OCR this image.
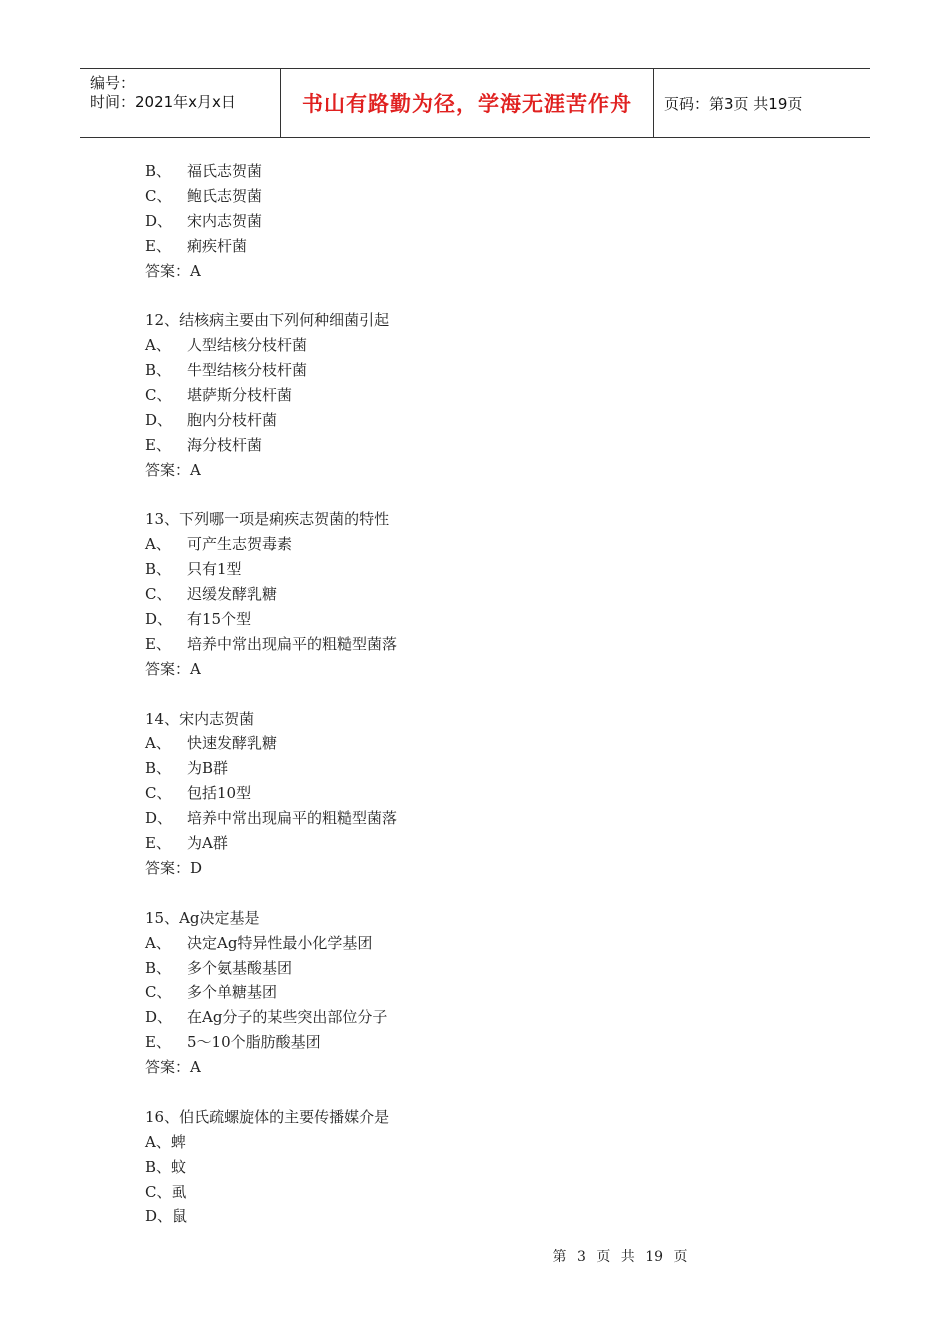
编号：
时间：2021年x月x日	书山有路勤为径，学海无涯苦作舟	页码：第3页 共19页
B、 福氏志贺菌
C、 鲍氏志贺菌
D、 宋内志贺菌
E、 痢疾杆菌
答案：A
12、结核病主要由下列何种细菌引起
A、 人型结核分枝杆菌
B、 牛型结核分枝杆菌
C、 堪萨斯分枝杆菌
D、 胞内分枝杆菌
E、 海分枝杆菌
答案：A
13、下列哪一项是痢疾志贺菌的特性
A、 可产生志贺毒素
B、 只有1型
C、 迟缓发酵乳糖
D、 有15个型
E、 培养中常出现扁平的粗糙型菌落
答案：A
14、宋内志贺菌
A、 快速发酵乳糖
B、 为B群
C、 包括10型
D、 培养中常出现扁平的粗糙型菌落
E、 为A群
答案：D
15、Ag决定基是
A、 决定Ag特异性最小化学基团
B、 多个氨基酸基团
C、 多个单糖基团
D、 在Ag分子的某些突出部位分子
E、 5～10个脂肪酸基团
答案：A
16、伯氏疏螺旋体的主要传播媒介是
A、蜱
B、蚊
C、虱
D、鼠
第 3 页 共 19 页
